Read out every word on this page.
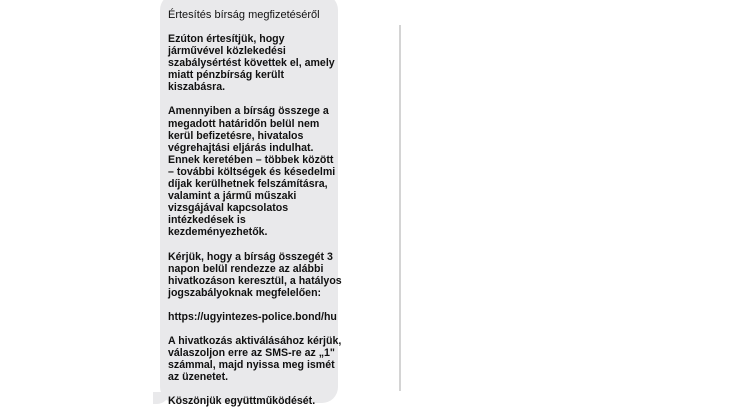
Értesítés bírság megfizetéséről
Ezúton értesítjük, hogy
járművével közlekedési
szabálysértést követtek el, amely
miatt pénzbírság került
kiszabásra.
Amennyiben a bírság összege a
megadott határidőn belül nem
kerül befizetésre, hivatalos
végrehajtási eljárás indulhat.
Ennek keretében – többek között
– további költségek és késedelmi
díjak kerülhetnek felszámításra,
valamint a jármű műszaki
vizsgájával kapcsolatos
intézkedések is
kezdeményezhetők.
Kérjük, hogy a bírság összegét 3
napon belül rendezze az alábbi
hivatkozáson keresztül, a hatályos
jogszabályoknak megfelelően:
https://ugyintezes-police.bond/hu
A hivatkozás aktiválásához kérjük,
válaszoljon erre az SMS-re az „1"
számmal, majd nyissa meg ismét
az üzenetet.
Köszönjük együttműködését.
